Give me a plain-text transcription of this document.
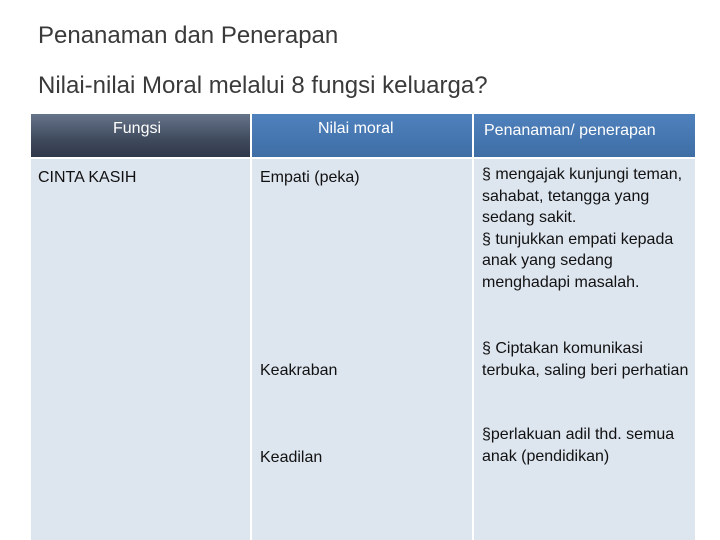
Penanaman dan Penerapan
Nilai-nilai Moral melalui 8 fungsi keluarga?
Fungsi
CINTA KASIH
Nilai moral
Empati (peka)
Keakraban
Keadilan
Penanaman/ penerapan
§ mengajak kunjungi teman, sahabat, tetangga yang sedang sakit.
§ tunjukkan empati kepada anak yang sedang menghadapi masalah.
§ Ciptakan komunikasi terbuka, saling beri perhatian
§perlakuan adil thd. semua anak (pendidikan)
